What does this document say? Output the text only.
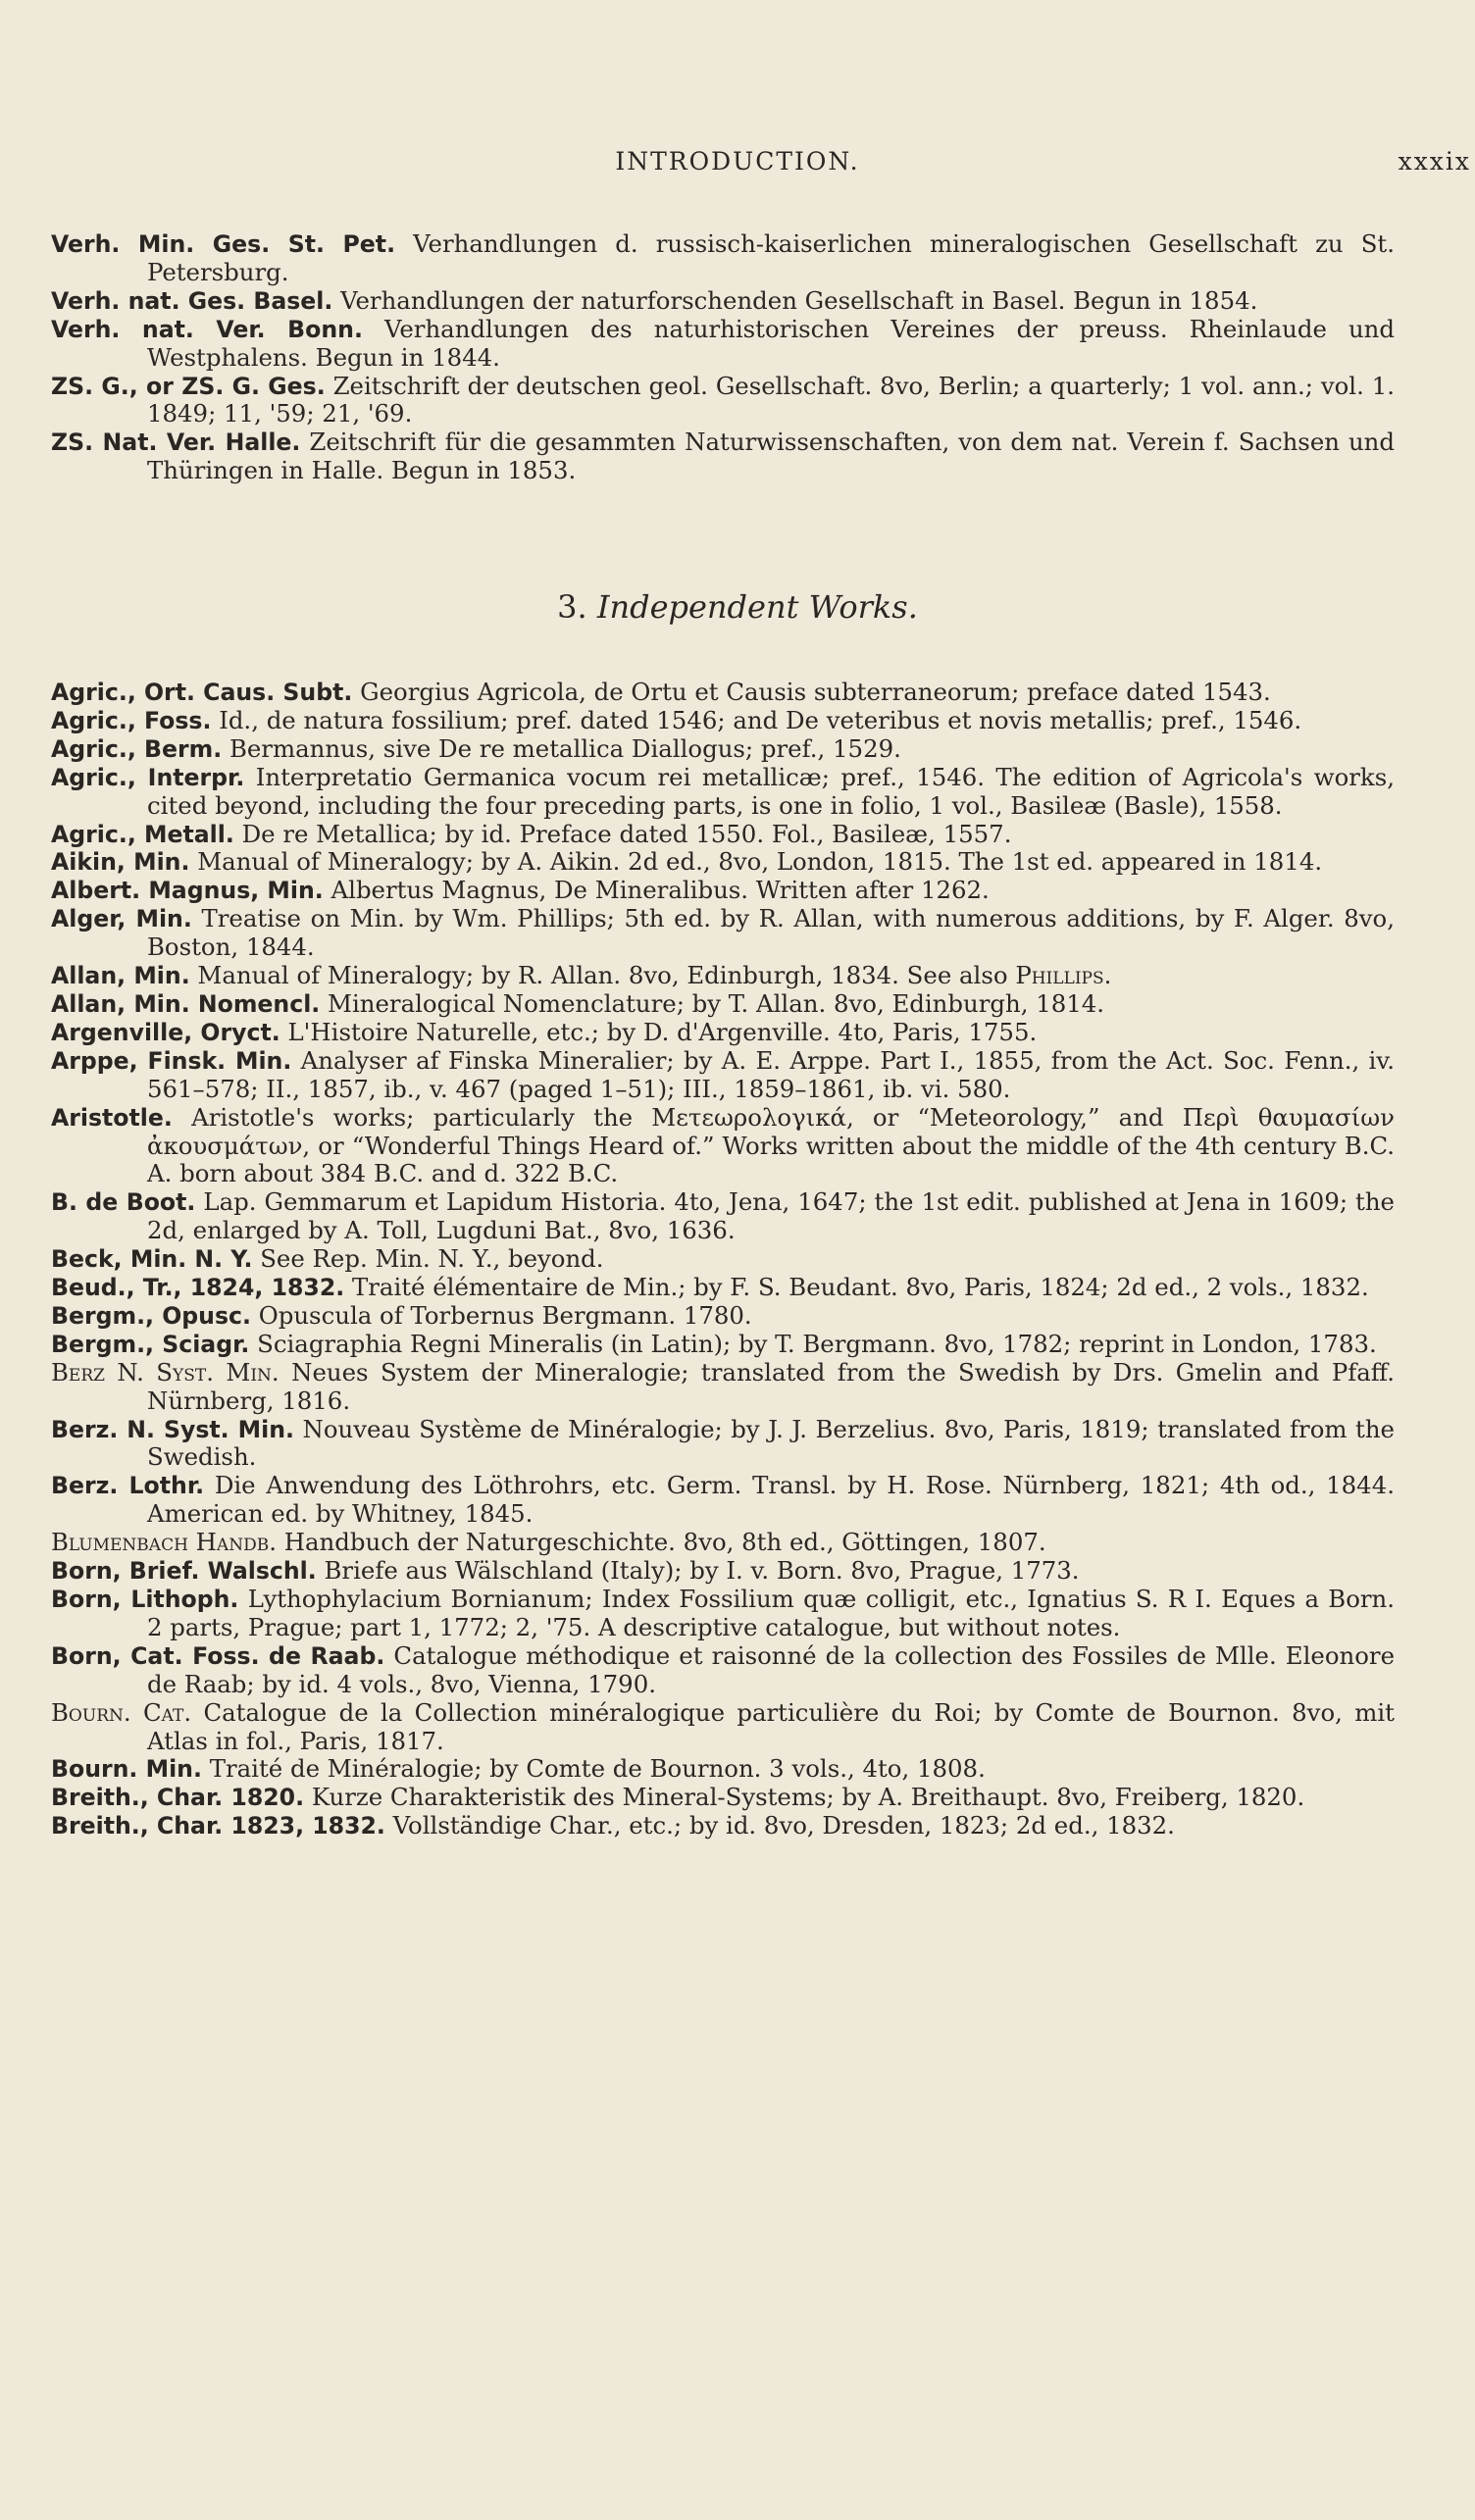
INTRODUCTION.	xxxix
Verh. Min. Ges. St. Pet. Verhandlungen d. russisch-kaiserlichen mineralogischen Gesellschaft zu St. Petersburg.
Verh. nat. Ges. Basel. Verhandlungen der naturforschenden Gesellschaft in Basel. Begun in 1854.
Verh. nat. Ver. Bonn. Verhandlungen des naturhistorischen Vereines der preuss. Rheinlaude und Westphalens. Begun in 1844.
ZS. G., or ZS. G. Ges. Zeitschrift der deutschen geol. Gesellschaft. 8vo, Berlin; a quarterly; 1 vol. ann.; vol. 1. 1849; 11, '59; 21, '69.
ZS. Nat. Ver. Halle. Zeitschrift für die gesammten Naturwissenschaften, von dem nat. Verein f. Sachsen und Thüringen in Halle. Begun in 1853.
3. Independent Works.
Agric., Ort. Caus. Subt. Georgius Agricola, de Ortu et Causis subterraneorum; preface dated 1543.
Agric., Foss. Id., de natura fossilium; pref. dated 1546; and De veteribus et novis metallis; pref., 1546.
Agric., Berm. Bermannus, sive De re metallica Diallogus; pref., 1529.
Agric., Interpr. Interpretatio Germanica vocum rei metallicæ; pref., 1546. The edition of Agricola's works, cited beyond, including the four preceding parts, is one in folio, 1 vol., Basileæ (Basle), 1558.
Agric., Metall. De re Metallica; by id. Preface dated 1550. Fol., Basileæ, 1557.
Aikin, Min. Manual of Mineralogy; by A. Aikin. 2d ed., 8vo, London, 1815. The 1st ed. appeared in 1814.
Albert. Magnus, Min. Albertus Magnus, De Mineralibus. Written after 1262.
Alger, Min. Treatise on Min. by Wm. Phillips; 5th ed. by R. Allan, with numerous additions, by F. Alger. 8vo, Boston, 1844.
Allan, Min. Manual of Mineralogy; by R. Allan. 8vo, Edinburgh, 1834. See also Phillips.
Allan, Min. Nomencl. Mineralogical Nomenclature; by T. Allan. 8vo, Edinburgh, 1814.
Argenville, Oryct. L'Histoire Naturelle, etc.; by D. d'Argenville. 4to, Paris, 1755.
Arppe, Finsk. Min. Analyser af Finska Mineralier; by A. E. Arppe. Part I., 1855, from the Act. Soc. Fenn., iv. 561–578; II., 1857, ib., v. 467 (paged 1–51); III., 1859–1861, ib. vi. 580.
Aristotle. Aristotle's works; particularly the Μετεωρολογικά, or “Meteorology,” and Περὶ θαυμασίων ἀκουσμάτων, or “Wonderful Things Heard of.” Works written about the middle of the 4th century B.C. A. born about 384 B.C. and d. 322 B.C.
B. de Boot. Lap. Gemmarum et Lapidum Historia. 4to, Jena, 1647; the 1st edit. published at Jena in 1609; the 2d, enlarged by A. Toll, Lugduni Bat., 8vo, 1636.
Beck, Min. N. Y. See Rep. Min. N. Y., beyond.
Beud., Tr., 1824, 1832. Traité élémentaire de Min.; by F. S. Beudant. 8vo, Paris, 1824; 2d ed., 2 vols., 1832.
Bergm., Opusc. Opuscula of Torbernus Bergmann. 1780.
Bergm., Sciagr. Sciagraphia Regni Mineralis (in Latin); by T. Bergmann. 8vo, 1782; reprint in London, 1783.
Berz N. Syst. Min. Neues System der Mineralogie; translated from the Swedish by Drs. Gmelin and Pfaff. Nürnberg, 1816.
Berz. N. Syst. Min. Nouveau Système de Minéralogie; by J. J. Berzelius. 8vo, Paris, 1819; translated from the Swedish.
Berz. Lothr. Die Anwendung des Löthrohrs, etc. Germ. Transl. by H. Rose. Nürnberg, 1821; 4th od., 1844. American ed. by Whitney, 1845.
Blumenbach Handb. Handbuch der Naturgeschichte. 8vo, 8th ed., Göttingen, 1807.
Born, Brief. Walschl. Briefe aus Wälschland (Italy); by I. v. Born. 8vo, Prague, 1773.
Born, Lithoph. Lythophylacium Bornianum; Index Fossilium quæ colligit, etc., Ignatius S. R I. Eques a Born. 2 parts, Prague; part 1, 1772; 2, '75. A descriptive catalogue, but without notes.
Born, Cat. Foss. de Raab. Catalogue méthodique et raisonné de la collection des Fossiles de Mlle. Eleonore de Raab; by id. 4 vols., 8vo, Vienna, 1790.
Bourn. Cat. Catalogue de la Collection minéralogique particulière du Roi; by Comte de Bournon. 8vo, mit Atlas in fol., Paris, 1817.
Bourn. Min. Traité de Minéralogie; by Comte de Bournon. 3 vols., 4to, 1808.
Breith., Char. 1820. Kurze Charakteristik des Mineral-Systems; by A. Breithaupt. 8vo, Freiberg, 1820.
Breith., Char. 1823, 1832. Vollständige Char., etc.; by id. 8vo, Dresden, 1823; 2d ed., 1832.
